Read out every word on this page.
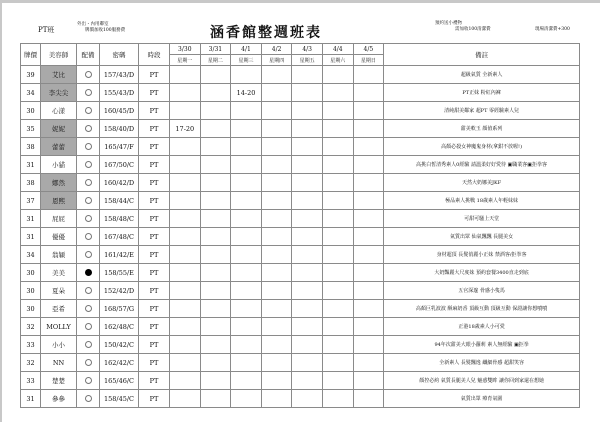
PT班
外出・內用鄰室
牌價加收100服務費	涵香館整週班表
預約送小禮物
需加收100清潔費	現場清潔費+300
牌價	美容師	配備	密碼	時段	3/30	3/31	4/1	4/2	4/3	4/4	4/5	備註
					星期一	星期二	星期三	星期四	星期五	星期六	星期日	
39	艾比		157/43/D	PT								超級氣質 全新素人
34	李尖尖		155/43/D	PT			14-20					PT正妹 粉紅內褲
30	心漾		160/45/D	PT								清純甜美鄰家 超PT 零經驗素人兒
35	妮妮		158/40/D	PT	17-20							甜美軟玉 顏值系列
38	蕾蕾		165/47/F	PT								高顏必殺女神魔鬼身材(拿鉗不放喔!)
31	小貓		167/50/C	PT								高挑白皙清秀素人0經驗 請溫柔好好愛待 ▣職業客▣拒拳客
38	娜然		160/42/D	PT								天然大奶娜美JKF
37	恩熙		158/44/C	PT								極品素人挑戰 18歲素人年輕妹妹
31	屁屁		158/48/C	PT								可甜可騷上天堂
31	優優		167/48/C	PT								氣質出眾 仙氣飄飄 長腿美女
34	翁穎		161/42/E	PT								身材超頂 長髮俏麗小正妹 禁酒客/拒拳客
30	美美		158/55/E	PT								大奶豔麗大尺度妹 預約套餐3400直走到底
30	夏朵		152/42/D	PT								五官深邃 骨感小隻馬
30	亞希		168/57/G	PT								高顏巨乳波波 酥麻奶香 頂級互動 頂級互動 保證讓你想噴噴
32	MOLLY		162/48/C	PT								正港18歲素人小可愛
33	小小		150/42/C	PT								94年次甜美大眼小蘿莉 素人無經驗 ▣拒拳
32	NN		162/42/C	PT								全新素人 長髮飄逸 纖細骨感 超甜笑容
33	楚楚		165/46/C	PT								顏控必約 氣質長腿美人兒 魅惑雙眸 讓你回到家還在想她
31	參參		158/45/C	PT								氣質出眾 療育氣圍
